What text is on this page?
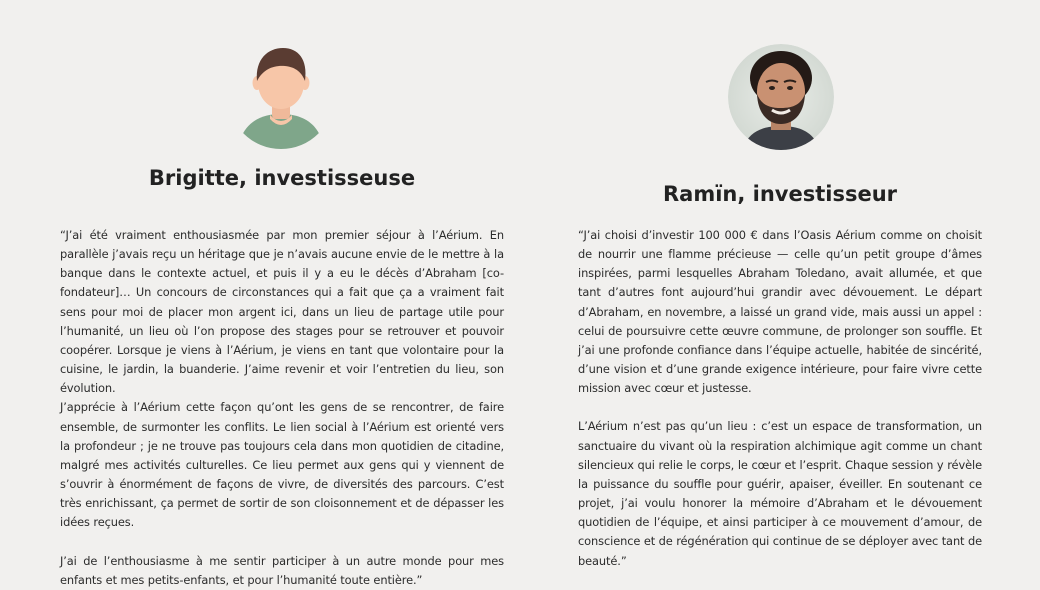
Brigitte, investisseuse

“J’ai été vraiment enthousiasmée par mon premier séjour à l’Aérium. En parallèle j’avais reçu un héritage que je n’avais aucune envie de le mettre à la banque dans le contexte actuel, et puis il y a eu le décès d’Abraham [co-fondateur]… Un concours de circonstances qui a fait que ça a vraiment fait sens pour moi de placer mon argent ici, dans un lieu de partage utile pour l’humanité, un lieu où l’on propose des stages pour se retrouver et pouvoir coopérer. Lorsque je viens à l’Aérium, je viens en tant que volontaire pour la cuisine, le jardin, la buanderie. J’aime revenir et voir l’entretien du lieu, son évolution.

J’apprécie à l’Aérium cette façon qu’ont les gens de se rencontrer, de faire ensemble, de surmonter les conflits. Le lien social à l’Aérium est orienté vers la profondeur ; je ne trouve pas toujours cela dans mon quotidien de citadine, malgré mes activités culturelles. Ce lieu permet aux gens qui y viennent de s’ouvrir à énormément de façons de vivre, de diversités des parcours. C’est très enrichissant, ça permet de sortir de son cloisonnement et de dépasser les idées reçues.

J’ai de l’enthousiasme à me sentir participer à un autre monde pour mes enfants et mes petits-enfants, et pour l’humanité toute entière.”

Ramïn, investisseur

“J’ai choisi d’investir 100 000 € dans l’Oasis Aérium comme on choisit de nourrir une flamme précieuse — celle qu’un petit groupe d’âmes inspirées, parmi lesquelles Abraham Toledano, avait allumée, et que tant d’autres font aujourd’hui grandir avec dévouement. Le départ d’Abraham, en novembre, a laissé un grand vide, mais aussi un appel : celui de poursuivre cette œuvre commune, de prolonger son souffle. Et j’ai une profonde confiance dans l’équipe actuelle, habitée de sincérité, d’une vision et d’une grande exigence intérieure, pour faire vivre cette mission avec cœur et justesse.

L’Aérium n’est pas qu’un lieu : c’est un espace de transformation, un sanctuaire du vivant où la respiration alchimique agit comme un chant silencieux qui relie le corps, le cœur et l’esprit. Chaque session y révèle la puissance du souffle pour guérir, apaiser, éveiller. En soutenant ce projet, j’ai voulu honorer la mémoire d’Abraham et le dévouement quotidien de l’équipe, et ainsi participer à ce mouvement d’amour, de conscience et de régénération qui continue de se déployer avec tant de beauté.”
